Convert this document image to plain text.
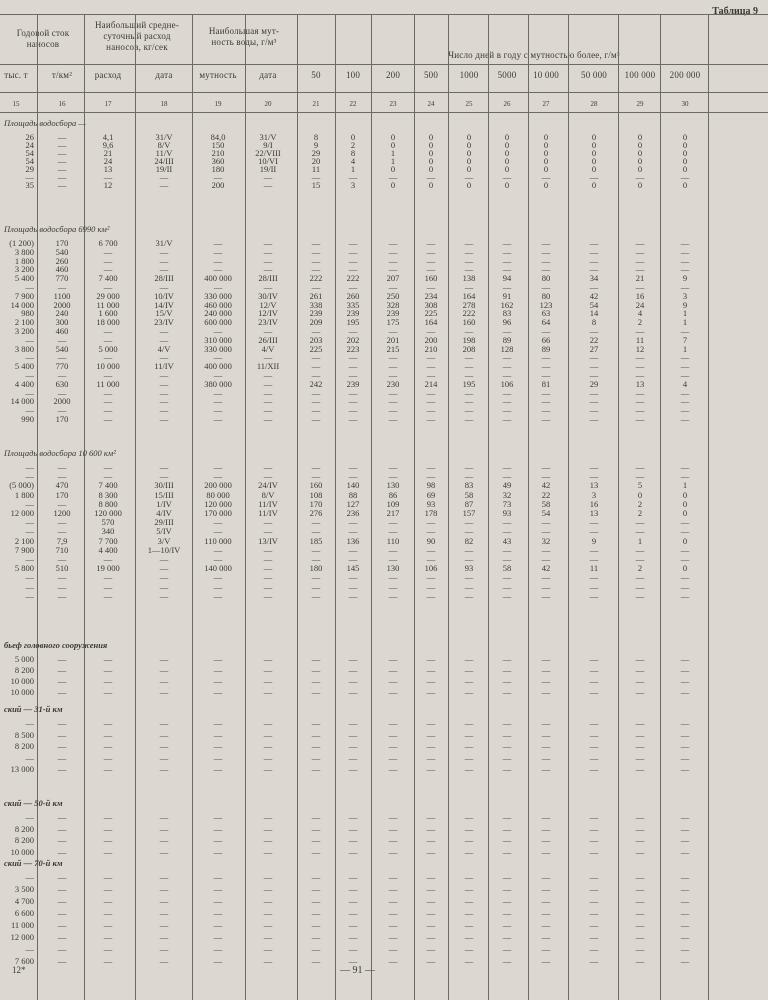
Таблица 9
Годовой сток
наносов
Наибольший средне-
суточный расход
наносов, кг/сек
Наибольшая мут-
ность воды, г/м³
Число дней в году с мутностью более, г/м³
тыс. т	т/км²	расход	дата	мутность	дата	50	100	200	500	1000	5000	10 000	50 000	100 000	200 000
15	16	17	18	19	20	21	22	23	24	25	26	27	28	29	30
Площадь водосбора —
26	—	4,1	31/V	84,0	31/V	8	0	0	0	0	0	0	0	0	0
24	—	9,6	8/V	150	9/I	9	2	0	0	0	0	0	0	0	0
54	—	21	11/V	210	22/VIII	29	8	1	0	0	0	0	0	0	0
54	—	24	24/III	360	10/VI	20	4	1	0	0	0	0	0	0	0
29	—	13	19/II	180	19/II	11	1	0	0	0	0	0	0	0	0
—	—	—	—	—	—	—	—	—	—	—	—	—	—	—	—
35	—	12	—	200	—	15	3	0	0	0	0	0	0	0	0
Площадь водосбора 6990 км²
(1 200)	170	6 700	31/V	—	—	—	—	—	—	—	—	—	—	—	—
3 800	540	—	—	—	—	—	—	—	—	—	—	—	—	—	—
1 800	260	—	—	—	—	—	—	—	—	—	—	—	—	—	—
3 200	460	—	—	—	—	—	—	—	—	—	—	—	—	—	—
5 400	770	7 400	28/III	400 000	28/III	222	222	207	160	138	94	80	34	21	9
—	—	—	—	—	—	—	—	—	—	—	—	—	—	—	—
7 900	1100	29 000	10/IV	330 000	30/IV	261	260	250	234	164	91	80	42	16	3
14 000	2000	11 000	14/IV	460 000	12/V	338	335	328	308	278	162	123	54	24	9
980	240	1 600	15/V	240 000	12/IV	239	239	239	225	222	83	63	14	4	1
2 100	300	18 000	23/IV	600 000	23/IV	209	195	175	164	160	96	64	8	2	1
3 200	460	—	—	—	—	—	—	—	—	—	—	—	—	—	—
—	—	—	—	310 000	26/III	203	202	201	200	198	89	66	22	11	7
3 800	540	5 000	4/V	330 000	4/V	225	223	215	210	208	128	89	27	12	1
—	—	—	—	—	—	—	—	—	—	—	—	—	—	—	—
5 400	770	10 000	11/IV	400 000	11/XII	—	—	—	—	—	—	—	—	—	—
—	—	—	—	—	—	—	—	—	—	—	—	—	—	—	—
4 400	630	11 000	—	380 000	—	242	239	230	214	195	106	81	29	13	4
—	—	—	—	—	—	—	—	—	—	—	—	—	—	—	—
14 000	2000	—	—	—	—	—	—	—	—	—	—	—	—	—	—
—	—	—	—	—	—	—	—	—	—	—	—	—	—	—	—
990	170	—	—	—	—	—	—	—	—	—	—	—	—	—	—
Площадь водосбора 10 600 км²
—	—	—	—	—	—	—	—	—	—	—	—	—	—	—	—
—	—	—	—	—	—	—	—	—	—	—	—	—	—	—	—
(5 000)	470	7 400	30/III	200 000	24/IV	160	140	130	98	83	49	42	13	5	1
1 800	170	8 300	15/III	80 000	8/V	108	88	86	69	58	32	22	3	0	0
—	—	8 800	1/IV	120 000	11/IV	170	127	109	93	87	73	58	16	2	0
12 000	1200	120 000	4/IV	170 000	11/IV	276	236	217	178	157	93	54	13	2	0
—	—	570	29/III	—	—	—	—	—	—	—	—	—	—	—	—
—	—	340	5/IV	—	—	—	—	—	—	—	—	—	—	—	—
2 100	7,9	7 700	3/V	110 000	13/IV	185	136	110	90	82	43	32	9	1	0
7 900	710	4 400	1—10/IV	—	—	—	—	—	—	—	—	—	—	—	—
—	—	—	—	—	—	—	—	—	—	—	—	—	—	—	—
5 800	510	19 000	—	140 000	—	180	145	130	106	93	58	42	11	2	0
—	—	—	—	—	—	—	—	—	—	—	—	—	—	—	—
—	—	—	—	—	—	—	—	—	—	—	—	—	—	—	—
—	—	—	—	—	—	—	—	—	—	—	—	—	—	—	—
бьеф головного сооружения
5 000	—	—	—	—	—	—	—	—	—	—	—	—	—	—	—
8 200	—	—	—	—	—	—	—	—	—	—	—	—	—	—	—
10 000	—	—	—	—	—	—	—	—	—	—	—	—	—	—	—
10 000	—	—	—	—	—	—	—	—	—	—	—	—	—	—	—
ский — 31-й км
—	—	—	—	—	—	—	—	—	—	—	—	—	—	—	—
8 500	—	—	—	—	—	—	—	—	—	—	—	—	—	—	—
8 200	—	—	—	—	—	—	—	—	—	—	—	—	—	—	—
—	—	—	—	—	—	—	—	—	—	—	—	—	—	—	—
13 000	—	—	—	—	—	—	—	—	—	—	—	—	—	—	—
ский — 50-й км
—	—	—	—	—	—	—	—	—	—	—	—	—	—	—	—
8 200	—	—	—	—	—	—	—	—	—	—	—	—	—	—	—
8 200	—	—	—	—	—	—	—	—	—	—	—	—	—	—	—
10 000	—	—	—	—	—	—	—	—	—	—	—	—	—	—	—
ский — 70-й км
—	—	—	—	—	—	—	—	—	—	—	—	—	—	—	—
3 500	—	—	—	—	—	—	—	—	—	—	—	—	—	—	—
4 700	—	—	—	—	—	—	—	—	—	—	—	—	—	—	—
6 600	—	—	—	—	—	—	—	—	—	—	—	—	—	—	—
11 000	—	—	—	—	—	—	—	—	—	—	—	—	—	—	—
12 000	—	—	—	—	—	—	—	—	—	—	—	—	—	—	—
—	—	—	—	—	—	—	—	—	—	—	—	—	—	—	—
7 600	—	—	—	—	—	—	—	—	—	—	—	—	—	—	—
12*	— 91 —
